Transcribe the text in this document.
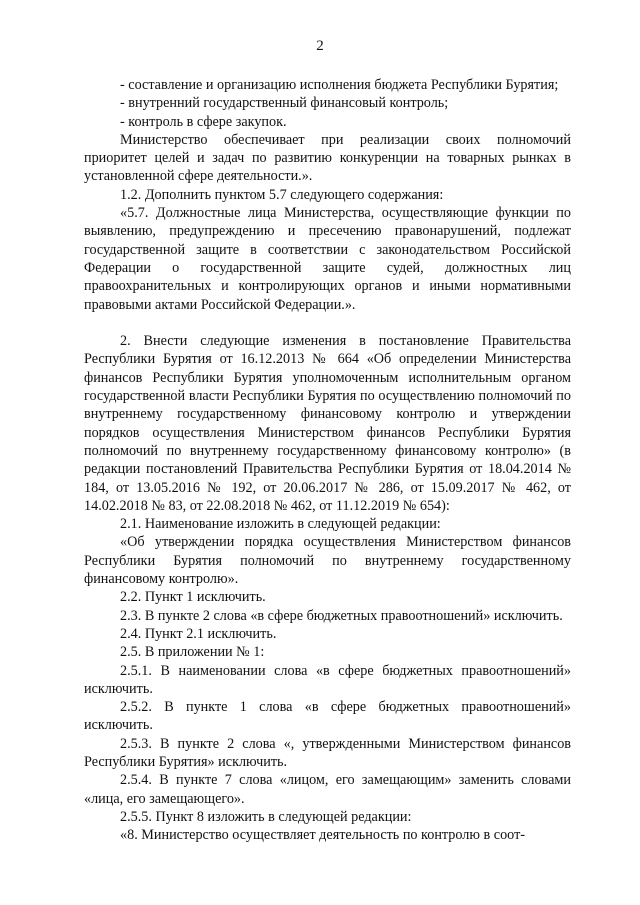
2

- составление и организацию исполнения бюджета Республики Бурятия;

- внутренний государственный финансовый контроль;

- контроль в сфере закупок.

Министерство обеспечивает при реализации своих полномочий приоритет целей и задач по развитию конкуренции на товарных рынках в установленной сфере деятельности.».

1.2. Дополнить пунктом 5.7 следующего содержания:

«5.7. Должностные лица Министерства, осуществляющие функции по выявлению, предупреждению и пресечению правонарушений, подлежат государственной защите в соответствии с законодательством Российской Федерации о государственной защите судей, должностных лиц правоохранительных и контролирующих органов и иными нормативными правовыми актами Российской Федерации.».

2. Внести следующие изменения в постановление Правительства Республики Бурятия от 16.12.2013 № 664 «Об определении Министерства финансов Республики Бурятия уполномоченным исполнительным органом государственной власти Республики Бурятия по осуществлению полномочий по внутреннему государственному финансовому контролю и утверждении порядков осуществления Министерством финансов Республики Бурятия полномочий по внутреннему государственному финансовому контролю» (в редакции постановлений Правительства Республики Бурятия от 18.04.2014 № 184, от 13.05.2016 № 192, от 20.06.2017 № 286, от 15.09.2017 № 462, от 14.02.2018 № 83, от 22.08.2018 № 462, от 11.12.2019 № 654):

2.1. Наименование изложить в следующей редакции:

«Об утверждении порядка осуществления Министерством финансов Республики Бурятия полномочий по внутреннему государственному финансовому контролю».

2.2. Пункт 1 исключить.

2.3. В пункте 2 слова «в сфере бюджетных правоотношений» исключить.

2.4. Пункт 2.1 исключить.

2.5. В приложении № 1:

2.5.1. В наименовании слова «в сфере бюджетных правоотношений» исключить.

2.5.2. В пункте 1 слова «в сфере бюджетных правоотношений» исключить.

2.5.3. В пункте 2 слова «, утвержденными Министерством финансов Республики Бурятия» исключить.

2.5.4. В пункте 7 слова «лицом, его замещающим» заменить словами «лица, его замещающего».

2.5.5. Пункт 8 изложить в следующей редакции:

«8. Министерство осуществляет деятельность по контролю в соот-
